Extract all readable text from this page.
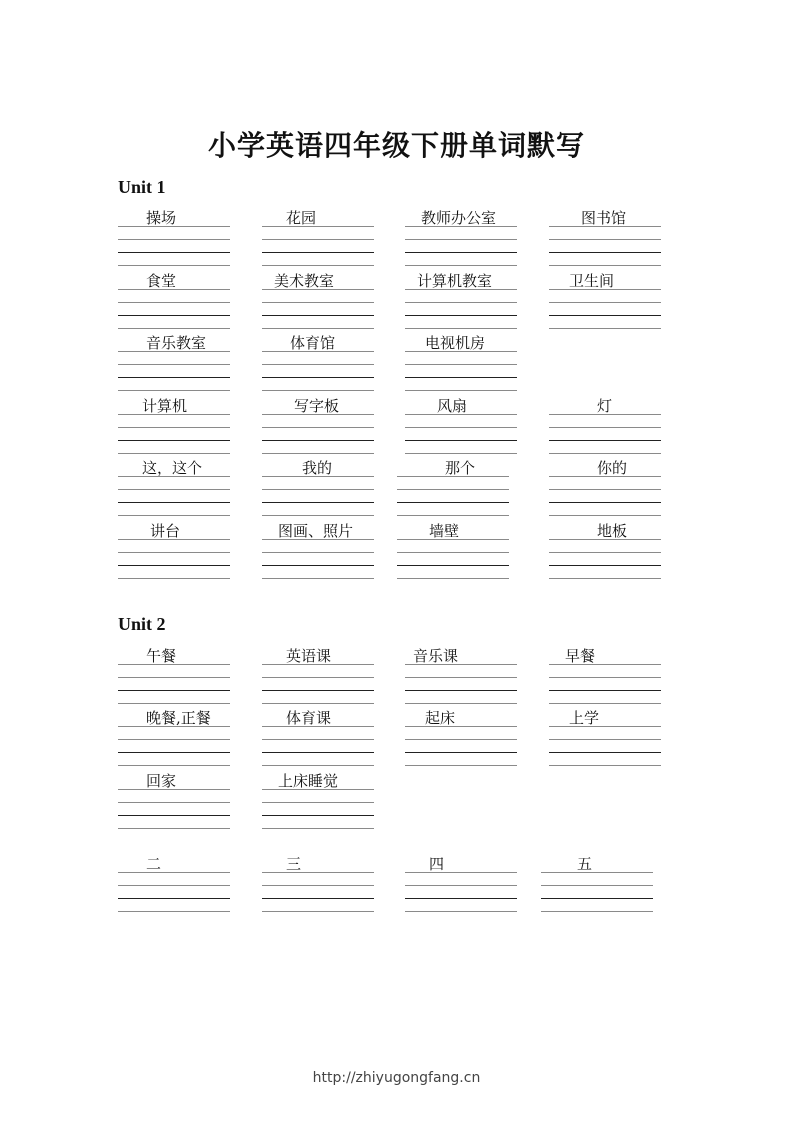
小学英语四年级下册单词默写
Unit 1
Unit 2
操场	花园	教师办公室	图书馆
食堂	美术教室	计算机教室	卫生间
音乐教室	体育馆	电视机房
计算机	写字板	风扇	灯
这，这个	我的	那个	你的
讲台	图画、照片	墙壁	地板
午餐	英语课	音乐课	早餐
晚餐,正餐	体育课	起床	上学
回家	上床睡觉
二	三	四	五

http://zhiyugongfang.cn
